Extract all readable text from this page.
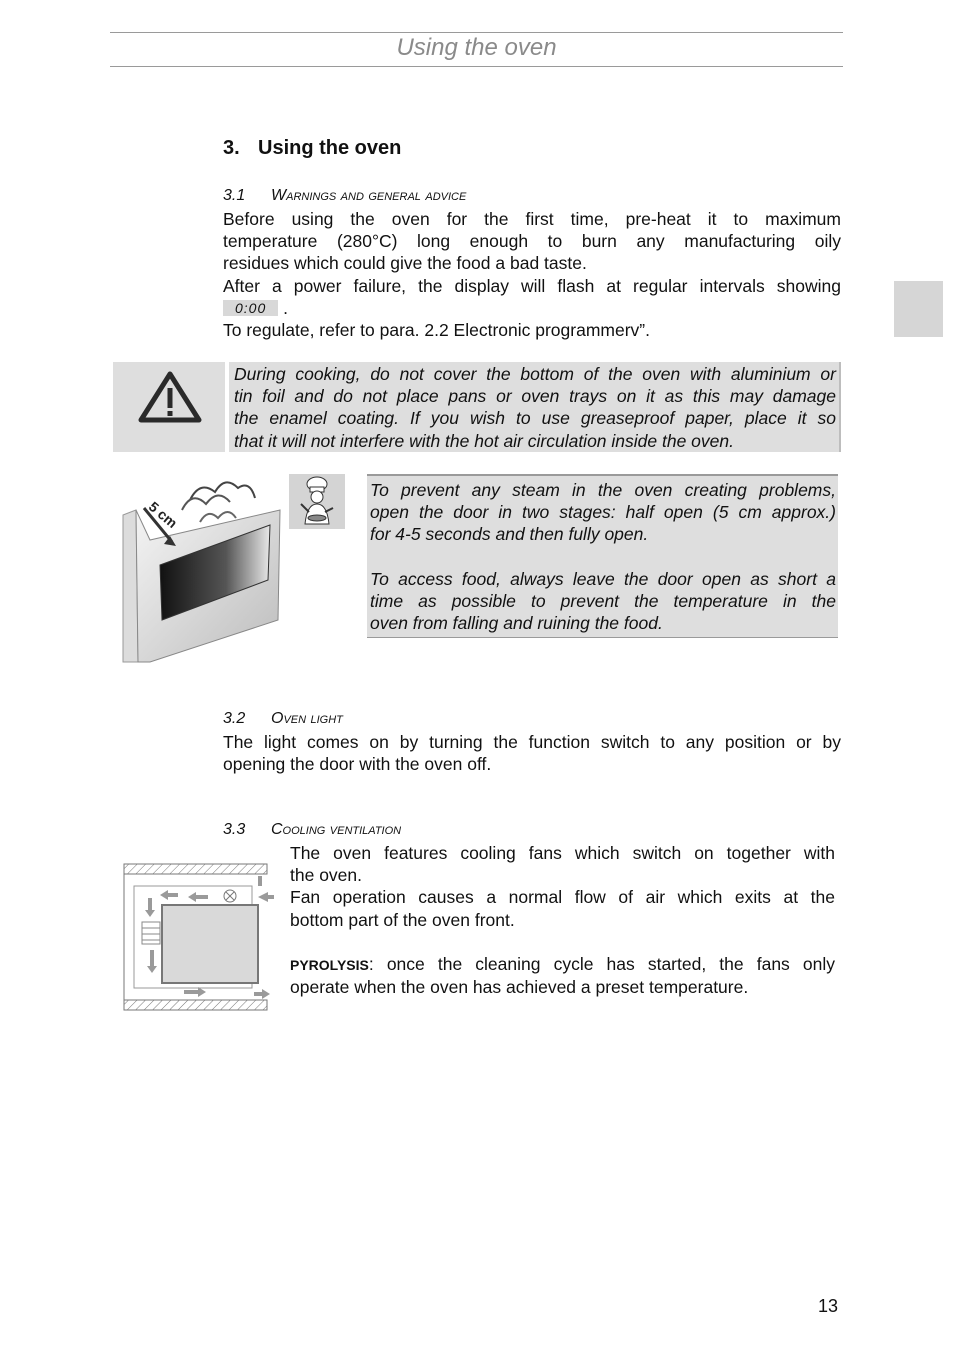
Using the oven
3. Using the oven
3.1 Warnings and general advice
Before using the oven for the first time, pre-heat it to maximum
temperature (280°C) long enough to burn any manufacturing oily
residues which could give the food a bad taste.
After a power failure, the display will flash at regular intervals showing
0:00 .
To regulate, refer to para. 2.2 Electronic programmerv”.
During cooking, do not cover the bottom of the oven with aluminium or
tin foil and do not place pans or oven trays on it as this may damage
the enamel coating. If you wish to use greaseproof paper, place it so
that it will not interfere with the hot air circulation inside the oven.
5 cm
To prevent any steam in the oven creating problems,
open the door in two stages: half open (5 cm approx.)
for 4-5 seconds and then fully open.

To access food, always leave the door open as short a
time as possible to prevent the temperature in the
oven from falling and ruining the food.
3.2 Oven light
The light comes on by turning the function switch to any position or by
opening the door with the oven off.
3.3 Cooling ventilation
The oven features cooling fans which switch on together with
the oven.
Fan operation causes a normal flow of air which exits at the
bottom part of the oven front.

PYROLYSIS: once the cleaning cycle has started, the fans only
operate when the oven has achieved a preset temperature.
13
